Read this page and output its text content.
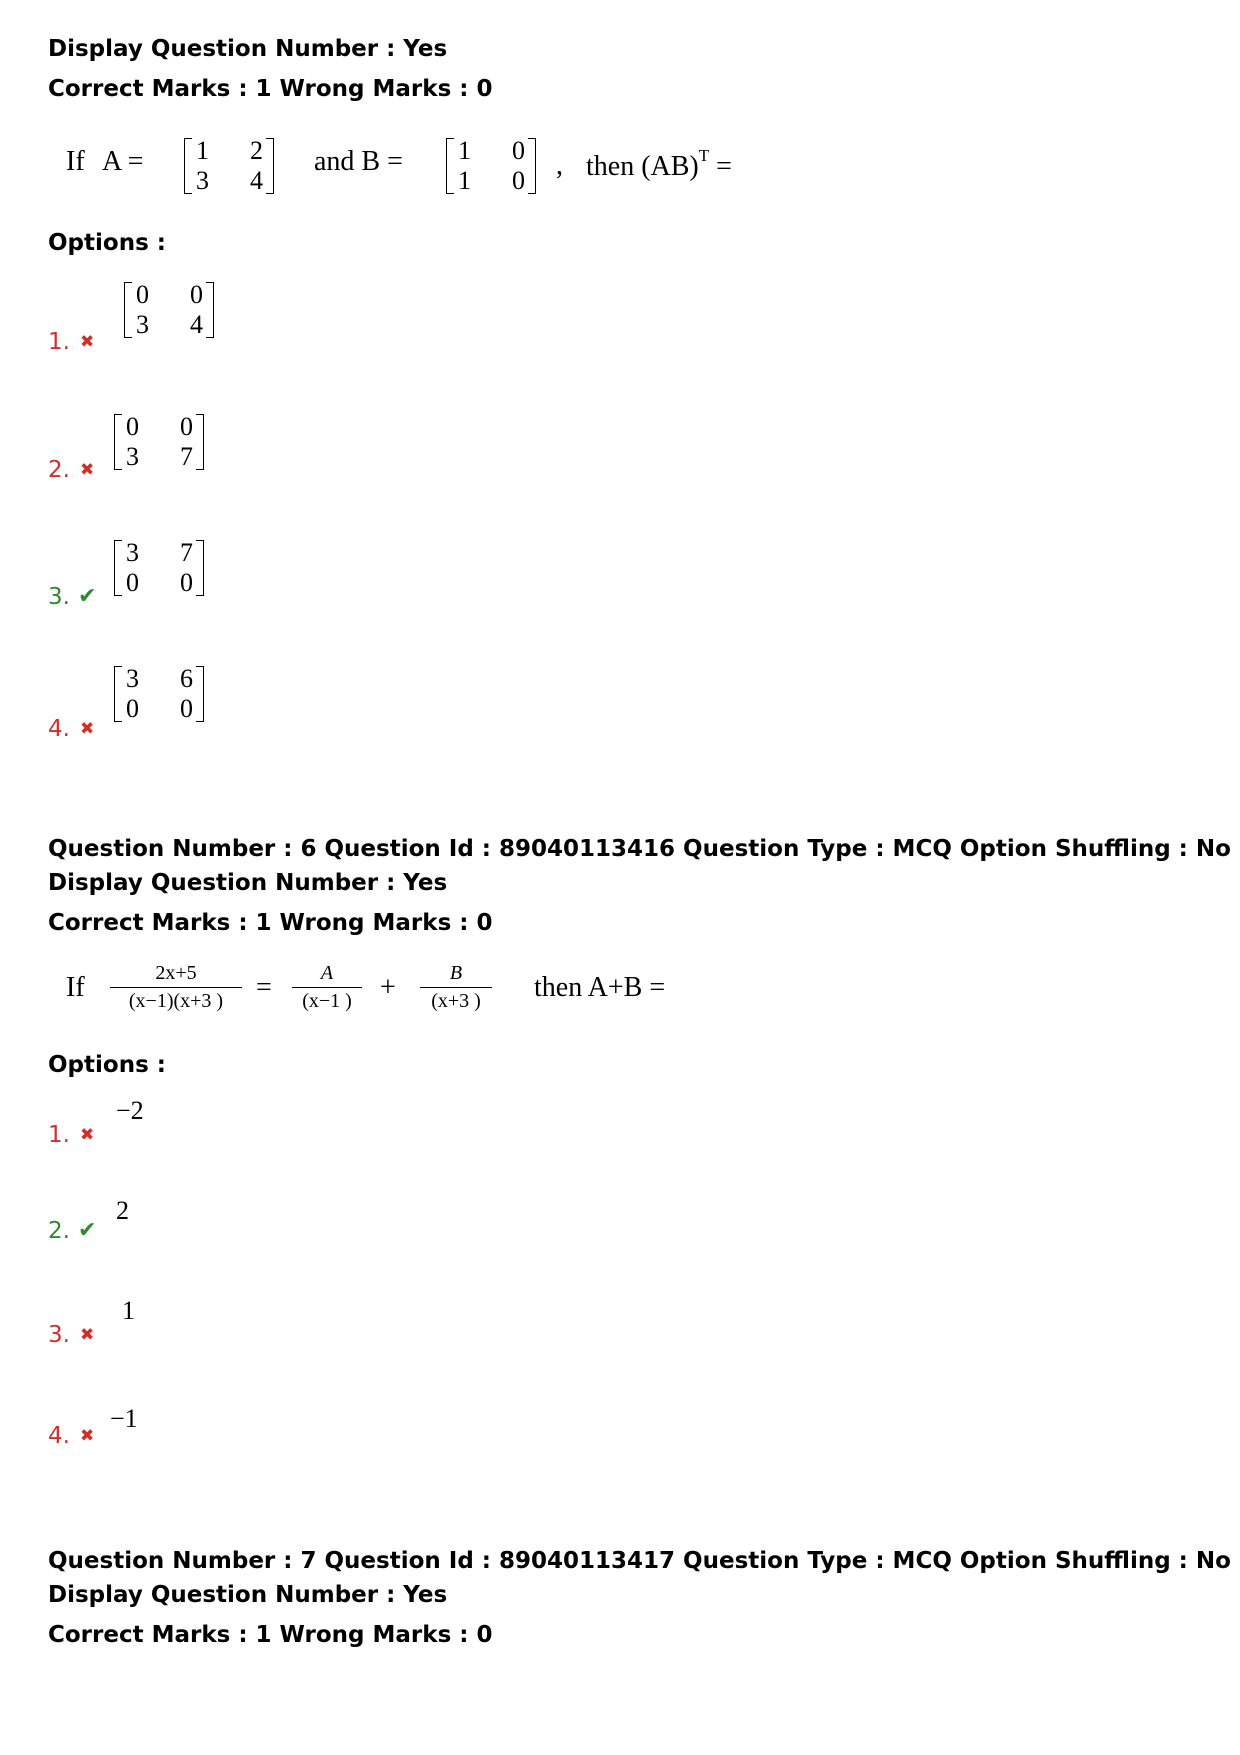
Display Question Number : Yes
Correct Marks : 1 Wrong Marks : 0
If A = 1 2
3 4
and B = 1 0
1 0 , then (AB)$^T$ =
Options :
1. ✖
0 0
3 4
2. ✖
0 0
3 7
3. ✔
3 7
0 0
4. ✖
3 6
0 0
Question Number : 6 Question Id : 89040113416 Question Type : MCQ Option Shuffling : No
Display Question Number : Yes
Correct Marks : 1 Wrong Marks : 0
If	2x+5
(x−1)(x+3 )	=	A
(x−1 )	+	B
(x+3 )	then A+B =
Options :
1. ✖
−2
2. ✔
2
3. ✖
1
4. ✖
−1
Question Number : 7 Question Id : 89040113417 Question Type : MCQ Option Shuffling : No
Display Question Number : Yes
Correct Marks : 1 Wrong Marks : 0
